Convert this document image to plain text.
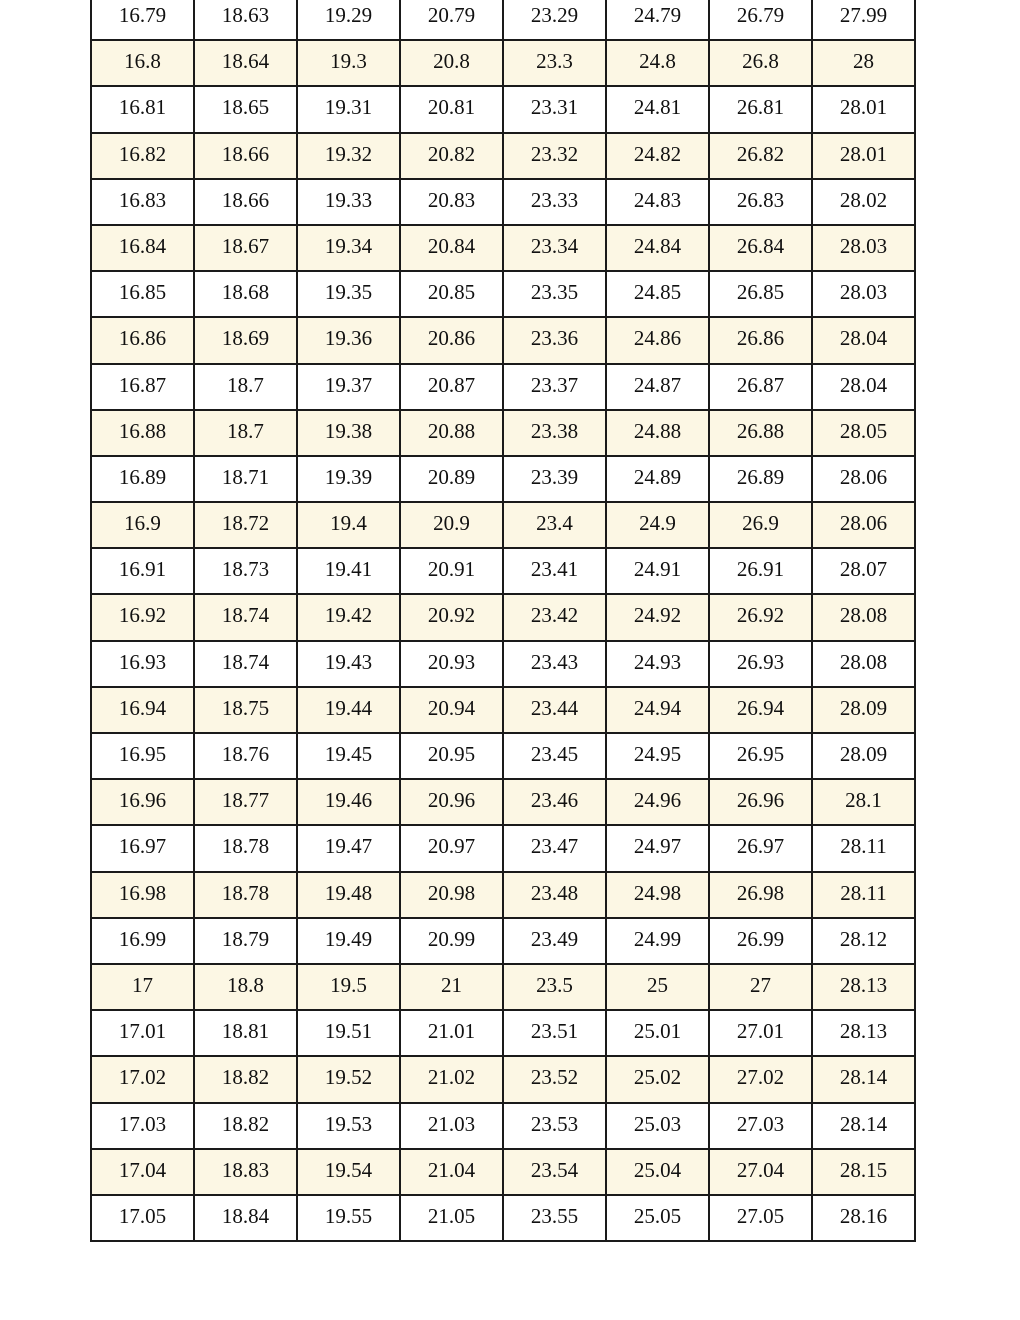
16.79	18.63	19.29	20.79	23.29	24.79	26.79	27.99

16.8	18.64	19.3	20.8	23.3	24.8	26.8	28

16.81	18.65	19.31	20.81	23.31	24.81	26.81	28.01

16.82	18.66	19.32	20.82	23.32	24.82	26.82	28.01

16.83	18.66	19.33	20.83	23.33	24.83	26.83	28.02

16.84	18.67	19.34	20.84	23.34	24.84	26.84	28.03

16.85	18.68	19.35	20.85	23.35	24.85	26.85	28.03

16.86	18.69	19.36	20.86	23.36	24.86	26.86	28.04

16.87	18.7	19.37	20.87	23.37	24.87	26.87	28.04

16.88	18.7	19.38	20.88	23.38	24.88	26.88	28.05

16.89	18.71	19.39	20.89	23.39	24.89	26.89	28.06

16.9	18.72	19.4	20.9	23.4	24.9	26.9	28.06

16.91	18.73	19.41	20.91	23.41	24.91	26.91	28.07

16.92	18.74	19.42	20.92	23.42	24.92	26.92	28.08

16.93	18.74	19.43	20.93	23.43	24.93	26.93	28.08

16.94	18.75	19.44	20.94	23.44	24.94	26.94	28.09

16.95	18.76	19.45	20.95	23.45	24.95	26.95	28.09

16.96	18.77	19.46	20.96	23.46	24.96	26.96	28.1

16.97	18.78	19.47	20.97	23.47	24.97	26.97	28.11

16.98	18.78	19.48	20.98	23.48	24.98	26.98	28.11

16.99	18.79	19.49	20.99	23.49	24.99	26.99	28.12

17	18.8	19.5	21	23.5	25	27	28.13

17.01	18.81	19.51	21.01	23.51	25.01	27.01	28.13

17.02	18.82	19.52	21.02	23.52	25.02	27.02	28.14

17.03	18.82	19.53	21.03	23.53	25.03	27.03	28.14

17.04	18.83	19.54	21.04	23.54	25.04	27.04	28.15

17.05	18.84	19.55	21.05	23.55	25.05	27.05	28.16
